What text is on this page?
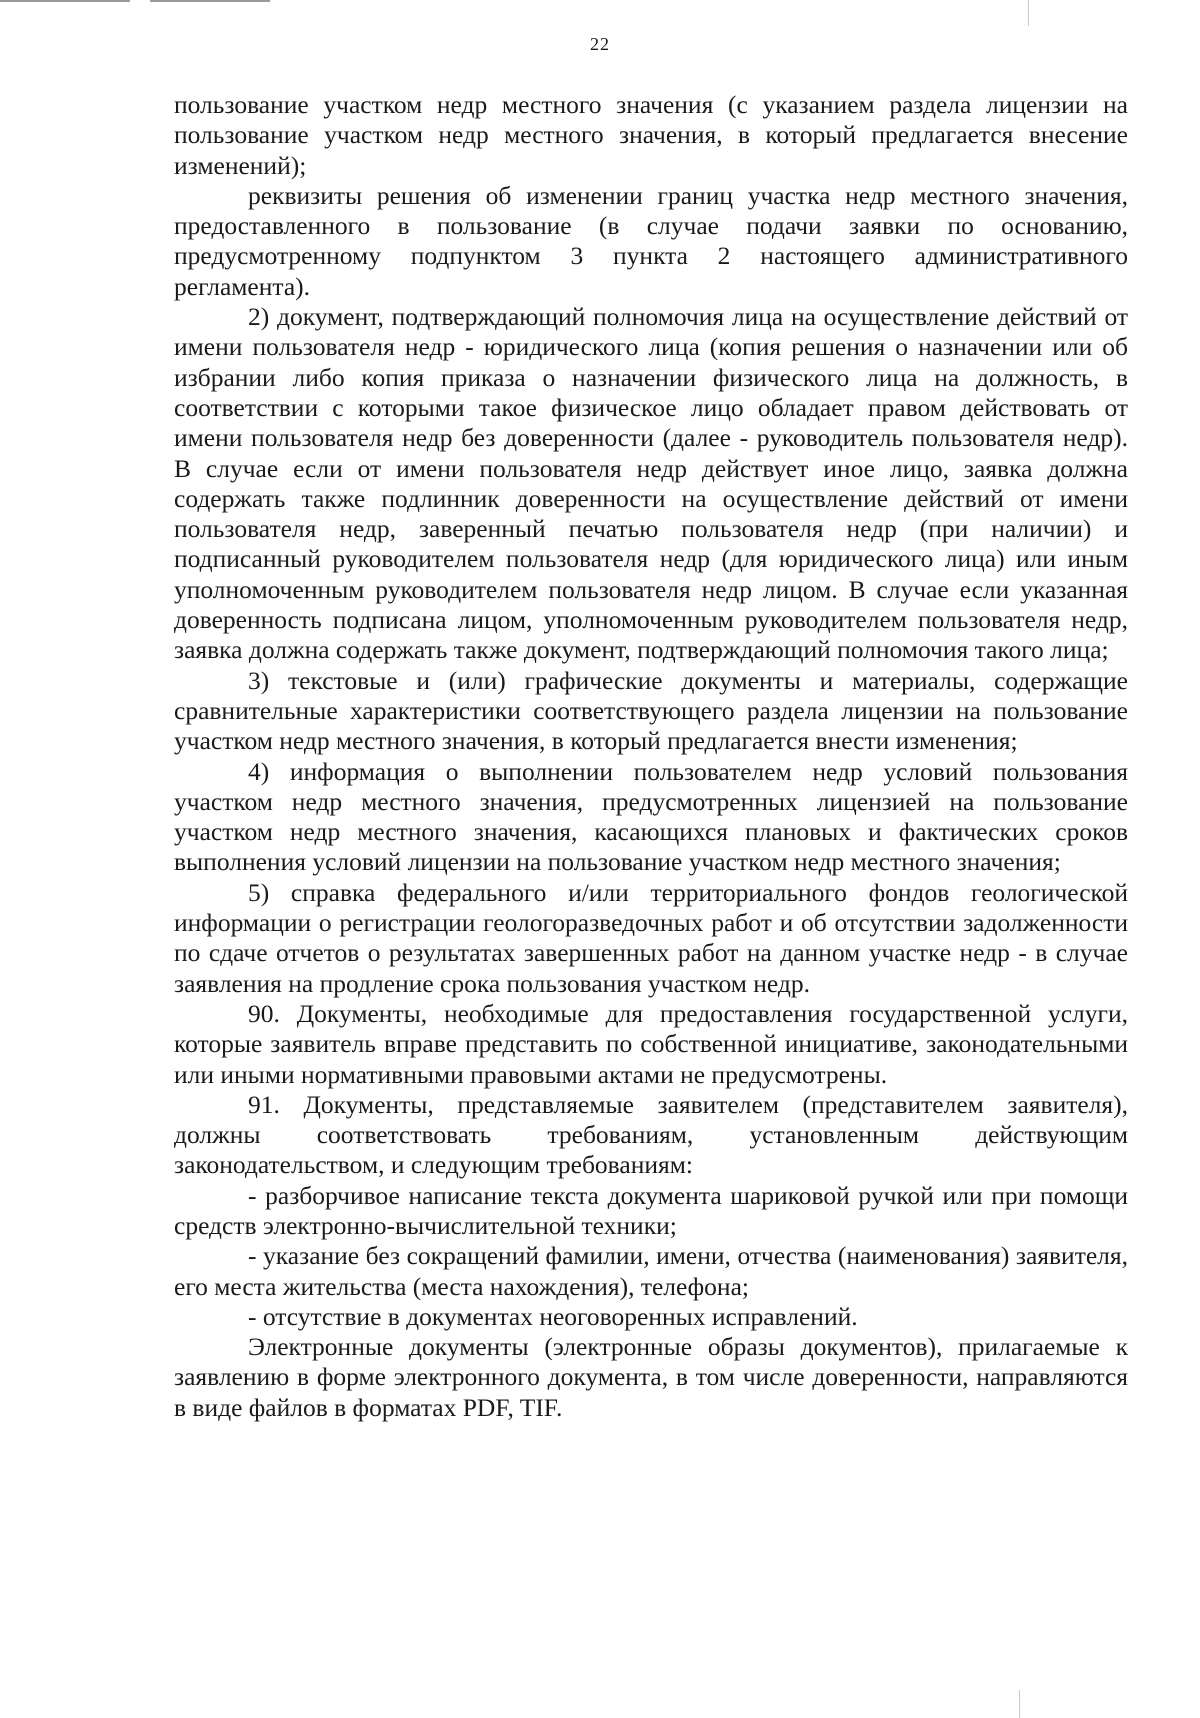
22

пользование участком недр местного значения (с указанием раздела лицензии на пользование участком недр местного значения, в который предлагается внесение изменений);

реквизиты решения об изменении границ участка недр местного значения, предоставленного в пользование (в случае подачи заявки по основанию, предусмотренному подпунктом 3 пункта 2 настоящего административного регламента).

2) документ, подтверждающий полномочия лица на осуществление действий от имени пользователя недр - юридического лица (копия решения о назначении или об избрании либо копия приказа о назначении физического лица на должность, в соответствии с которыми такое физическое лицо обладает правом действовать от имени пользователя недр без доверенности (далее - руководитель пользователя недр). В случае если от имени пользователя недр действует иное лицо, заявка должна содержать также подлинник доверенности на осуществление действий от имени пользователя недр, заверенный печатью пользователя недр (при наличии) и подписанный руководителем пользователя недр (для юридического лица) или иным уполномоченным руководителем пользователя недр лицом. В случае если указанная доверенность подписана лицом, уполномоченным руководителем пользователя недр, заявка должна содержать также документ, подтверждающий полномочия такого лица;

3) текстовые и (или) графические документы и материалы, содержащие сравнительные характеристики соответствующего раздела лицензии на пользование участком недр местного значения, в который предлагается внести изменения;

4) информация о выполнении пользователем недр условий пользования участком недр местного значения, предусмотренных лицензией на пользование участком недр местного значения, касающихся плановых и фактических сроков выполнения условий лицензии на пользование участком недр местного значения;

5) справка федерального и/или территориального фондов геологической информации о регистрации геологоразведочных работ и об отсутствии задолженности по сдаче отчетов о результатах завершенных работ на данном участке недр - в случае заявления на продление срока пользования участком недр.

90. Документы, необходимые для предоставления государственной услуги, которые заявитель вправе представить по собственной инициативе, законодательными или иными нормативными правовыми актами не предусмотрены.

91. Документы, представляемые заявителем (представителем заявителя), должны соответствовать требованиям, установленным действующим законодательством, и следующим требованиям:

- разборчивое написание текста документа шариковой ручкой или при помощи средств электронно-вычислительной техники;

- указание без сокращений фамилии, имени, отчества (наименования) заявителя, его места жительства (места нахождения), телефона;

- отсутствие в документах неоговоренных исправлений.

Электронные документы (электронные образы документов), прилагаемые к заявлению в форме электронного документа, в том числе доверенности, направляются в виде файлов в форматах PDF, TIF.
